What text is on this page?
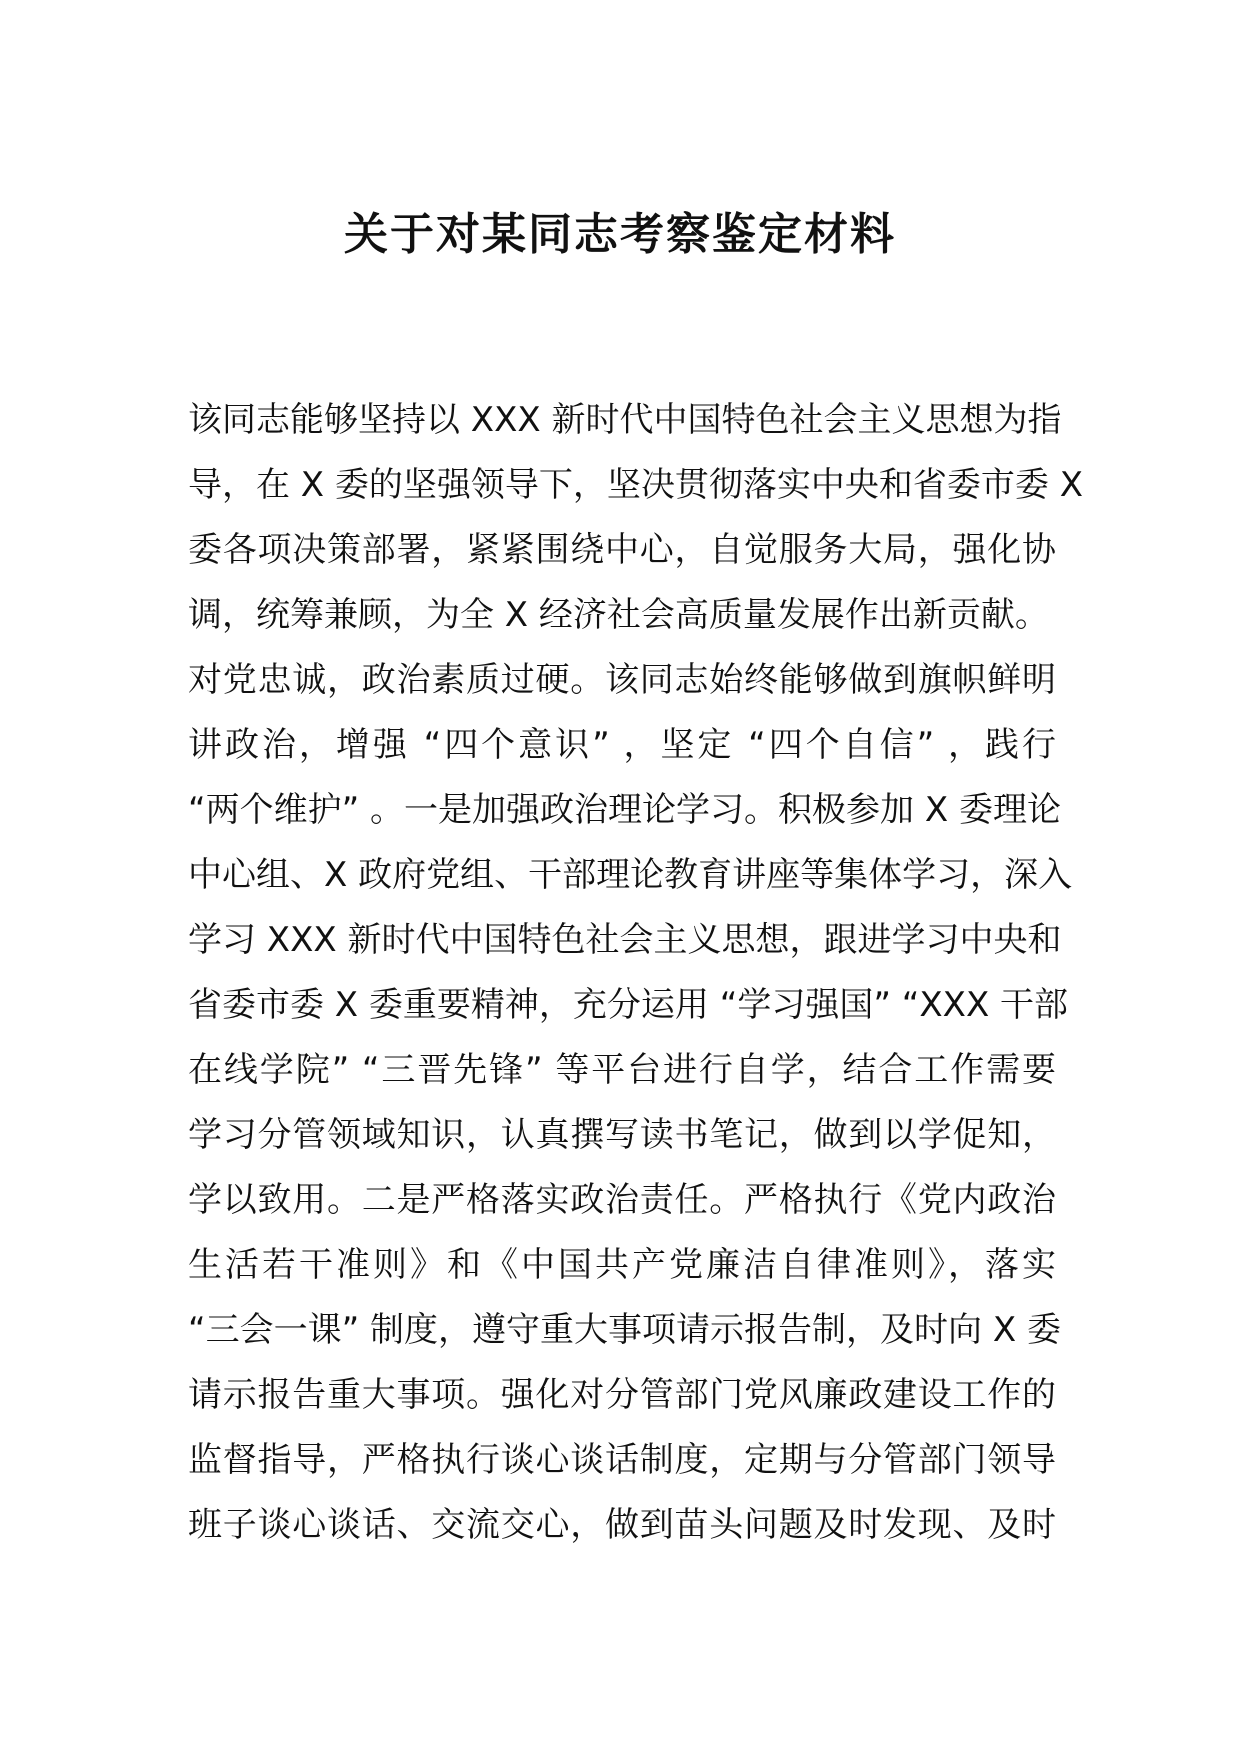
关于对某同志考察鉴定材料
该同志能够坚持以 XXX 新时代中国特色社会主义思想为指
导，在 X 委的坚强领导下，坚决贯彻落实中央和省委市委 X
委各项决策部署，紧紧围绕中心，自觉服务大局，强化协
调，统筹兼顾，为全 X 经济社会高质量发展作出新贡献。
对党忠诚，政治素质过硬。该同志始终能够做到旗帜鲜明
讲政治，增强 “四个意识” ，坚定 “四个自信” ，践行
“两个维护” 。一是加强政治理论学习。积极参加 X 委理论
中心组、X 政府党组、干部理论教育讲座等集体学习，深入
学习 XXX 新时代中国特色社会主义思想，跟进学习中央和
省委市委 X 委重要精神，充分运用 “学习强国” “XXX 干部
在线学院” “三晋先锋” 等平台进行自学，结合工作需要
学习分管领域知识，认真撰写读书笔记，做到以学促知，
学以致用。二是严格落实政治责任。严格执行《党内政治
生活若干准则》和《中国共产党廉洁自律准则》，落实
“三会一课” 制度，遵守重大事项请示报告制，及时向 X 委
请示报告重大事项。强化对分管部门党风廉政建设工作的
监督指导，严格执行谈心谈话制度，定期与分管部门领导
班子谈心谈话、交流交心，做到苗头问题及时发现、及时
